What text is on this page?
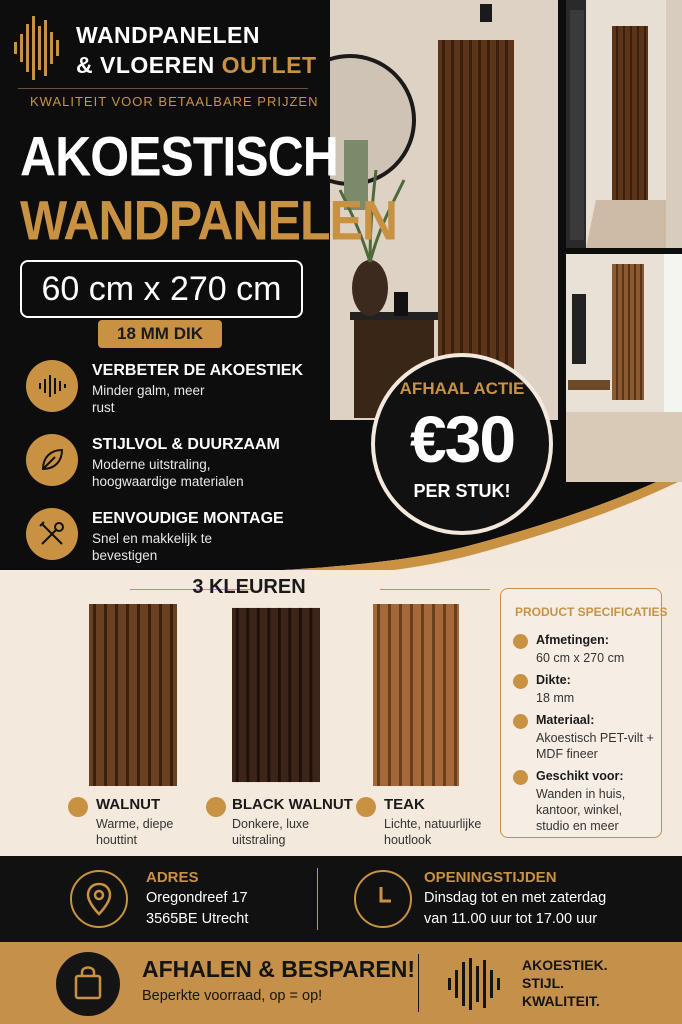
WANDPANELEN
& VLOEREN OUTLET
KWALITEIT VOOR BETAALBARE PRIJZEN
AKOESTISCH
WANDPANELEN
60 cm x 270 cm
18 MM DIK
VERBETER DE AKOESTIEK
Minder galm, meer rust
STIJLVOL & DUURZAAM
Moderne uitstraling, hoogwaardige materialen
EENVOUDIGE MONTAGE
Snel en makkelijk te bevestigen
AFHAAL ACTIE
€30
PER STUK!
3 KLEUREN
WALNUT
Warme, diepe houttint
BLACK WALNUT
Donkere, luxe uitstraling
TEAK
Lichte, natuurlijke houtlook
PRODUCT SPECIFICATIES
Afmetingen:
60 cm x 270 cm
Dikte:
18 mm
Materiaal:
Akoestisch PET-vilt + MDF fineer
Geschikt voor:
Wanden in huis, kantoor, winkel, studio en meer
ADRES
Oregondreef 17
3565BE Utrecht
OPENINGSTIJDEN
Dinsdag tot en met zaterdag
van 11.00 uur tot 17.00 uur
AFHALEN & BESPAREN!
Beperkte voorraad, op = op!
AKOESTIEK.
STIJL.
KWALITEIT.
